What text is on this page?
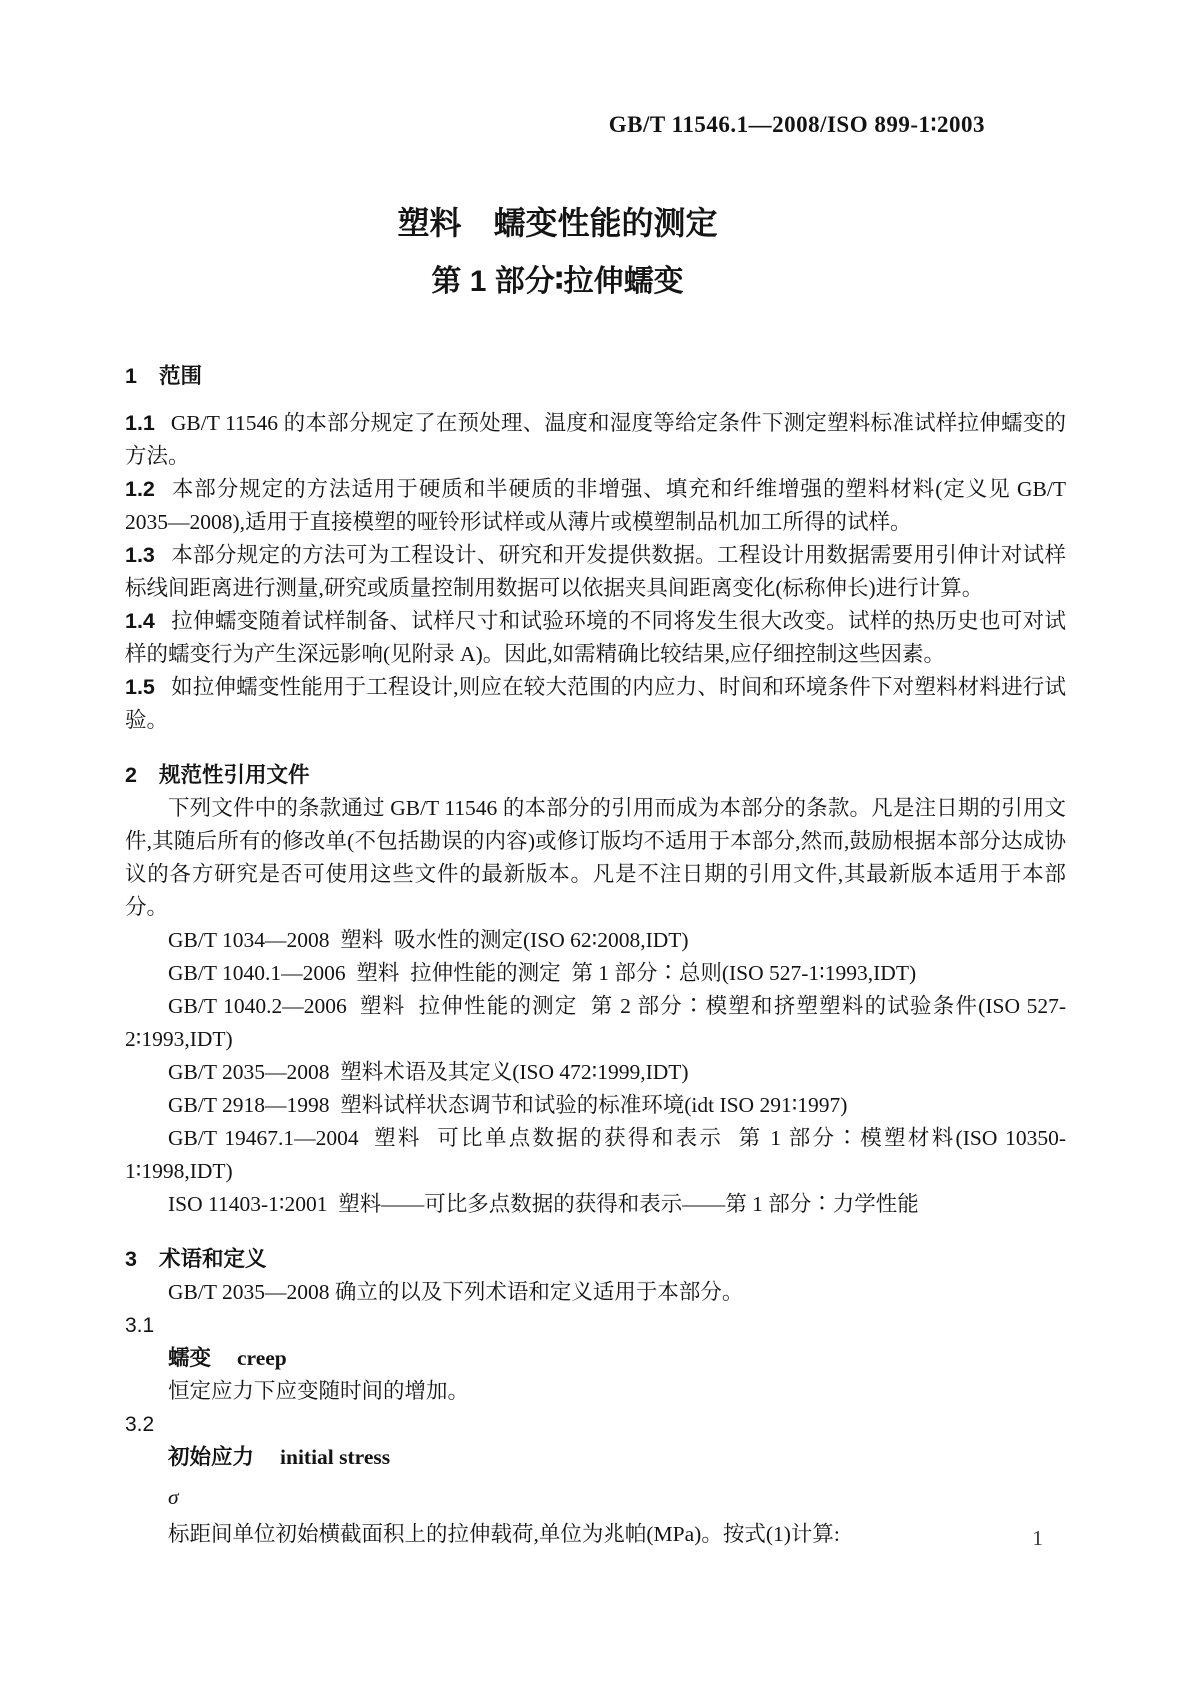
GB/T 11546.1—2008/ISO 899-1∶2003
塑料 蠕变性能的测定
第 1 部分∶拉伸蠕变
1 范围

1.1 GB/T 11546 的本部分规定了在预处理、温度和湿度等给定条件下测定塑料标准试样拉伸蠕变的方法。

1.2 本部分规定的方法适用于硬质和半硬质的非增强、填充和纤维增强的塑料材料(定义见 GB/T 2035—2008),适用于直接模塑的哑铃形试样或从薄片或模塑制品机加工所得的试样。

1.3 本部分规定的方法可为工程设计、研究和开发提供数据。工程设计用数据需要用引伸计对试样标线间距离进行测量,研究或质量控制用数据可以依据夹具间距离变化(标称伸长)进行计算。

1.4 拉伸蠕变随着试样制备、试样尺寸和试验环境的不同将发生很大改变。试样的热历史也可对试样的蠕变行为产生深远影响(见附录 A)。因此,如需精确比较结果,应仔细控制这些因素。

1.5 如拉伸蠕变性能用于工程设计,则应在较大范围的内应力、时间和环境条件下对塑料材料进行试验。

2 规范性引用文件

下列文件中的条款通过 GB/T 11546 的本部分的引用而成为本部分的条款。凡是注日期的引用文件,其随后所有的修改单(不包括勘误的内容)或修订版均不适用于本部分,然而,鼓励根据本部分达成协议的各方研究是否可使用这些文件的最新版本。凡是不注日期的引用文件,其最新版本适用于本部分。

GB/T 1034—2008  塑料  吸水性的测定(ISO 62∶2008,IDT)

GB/T 1040.1—2006  塑料  拉伸性能的测定  第 1 部分∶总则(ISO 527-1∶1993,IDT)

GB/T 1040.2—2006  塑料  拉伸性能的测定  第 2 部分∶模塑和挤塑塑料的试验条件(ISO 527-2∶1993,IDT)

GB/T 2035—2008  塑料术语及其定义(ISO 472∶1999,IDT)

GB/T 2918—1998  塑料试样状态调节和试验的标准环境(idt ISO 291∶1997)

GB/T 19467.1—2004  塑料  可比单点数据的获得和表示  第 1 部分∶模塑材料(ISO 10350-1∶1998,IDT)

ISO 11403-1∶2001  塑料——可比多点数据的获得和表示——第 1 部分∶力学性能

3 术语和定义

GB/T 2035—2008 确立的以及下列术语和定义适用于本部分。

3.1
蠕变 creep

恒定应力下应变随时间的增加。

3.2
初始应力 initial stress
σ

标距间单位初始横截面积上的拉伸载荷,单位为兆帕(MPa)。按式(1)计算:	1
